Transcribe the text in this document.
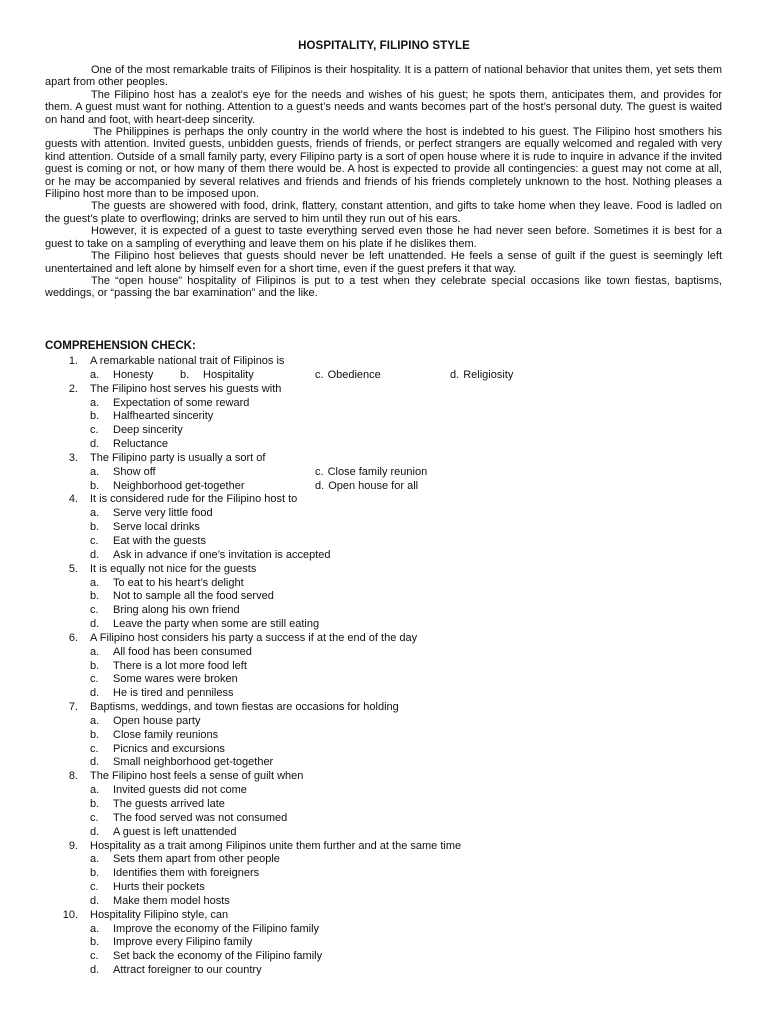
HOSPITALITY, FILIPINO STYLE

One of the most remarkable traits of Filipinos is their hospitality. It is a pattern of national behavior that unites them, yet sets them apart from other peoples.

The Filipino host has a zealot’s eye for the needs and wishes of his guest; he spots them, anticipates them, and provides for them. A guest must want for nothing. Attention to a guest’s needs and wants becomes part of the host’s personal duty. The guest is waited on hand and foot, with heart-deep sincerity.

The Philippines is perhaps the only country in the world where the host is indebted to his guest. The Filipino host smothers his guests with attention. Invited guests, unbidden guests, friends of friends, or perfect strangers are equally welcomed and regaled with very kind attention. Outside of a small family party, every Filipino party is a sort of open house where it is rude to inquire in advance if the invited guest is coming or not, or how many of them there would be. A host is expected to provide all contingencies: a guest may not come at all, or he may be accompanied by several relatives and friends and friends of his friends completely unknown to the host. Nothing pleases a Filipino host more than to be imposed upon.

The guests are showered with food, drink, flattery, constant attention, and gifts to take home when they leave. Food is ladled on the guest’s plate to overflowing; drinks are served to him until they run out of his ears.

However, it is expected of a guest to taste everything served even those he had never seen before. Sometimes it is best for a guest to take on a sampling of everything and leave them on his plate if he dislikes them.

The Filipino host believes that guests should never be left unattended. He feels a sense of guilt if the guest is seemingly left unentertained and left alone by himself even for a short time, even if the guest prefers it that way.

The “open house” hospitality of Filipinos is put to a test when they celebrate special occasions like town fiestas, baptisms, weddings, or “passing the bar examination” and the like.

COMPREHENSION CHECK:
1. A remarkable national trait of Filipinos is
a. Honesty b. Hospitality	c. Obedience	d. Religiosity
2. The Filipino host serves his guests with
a. Expectation of some reward
b. Halfhearted sincerity
c. Deep sincerity
d. Reluctance
3. The Filipino party is usually a sort of
a. Show off	c. Close family reunion
b. Neighborhood get-together	d. Open house for all
4. It is considered rude for the Filipino host to
a. Serve very little food
b. Serve local drinks
c. Eat with the guests
d. Ask in advance if one’s invitation is accepted
5. It is equally not nice for the guests
a. To eat to his heart’s delight
b. Not to sample all the food served
c. Bring along his own friend
d. Leave the party when some are still eating
6. A Filipino host considers his party a success if at the end of the day
a. All food has been consumed
b. There is a lot more food left
c. Some wares were broken
d. He is tired and penniless
7. Baptisms, weddings, and town fiestas are occasions for holding
a. Open house party
b. Close family reunions
c. Picnics and excursions
d. Small neighborhood get-together
8. The Filipino host feels a sense of guilt when
a. Invited guests did not come
b. The guests arrived late
c. The food served was not consumed
d. A guest is left unattended
9. Hospitality as a trait among Filipinos unite them further and at the same time
a. Sets them apart from other people
b. Identifies them with foreigners
c. Hurts their pockets
d. Make them model hosts
10. Hospitality Filipino style, can
a. Improve the economy of the Filipino family
b. Improve every Filipino family
c. Set back the economy of the Filipino family
d. Attract foreigner to our country
